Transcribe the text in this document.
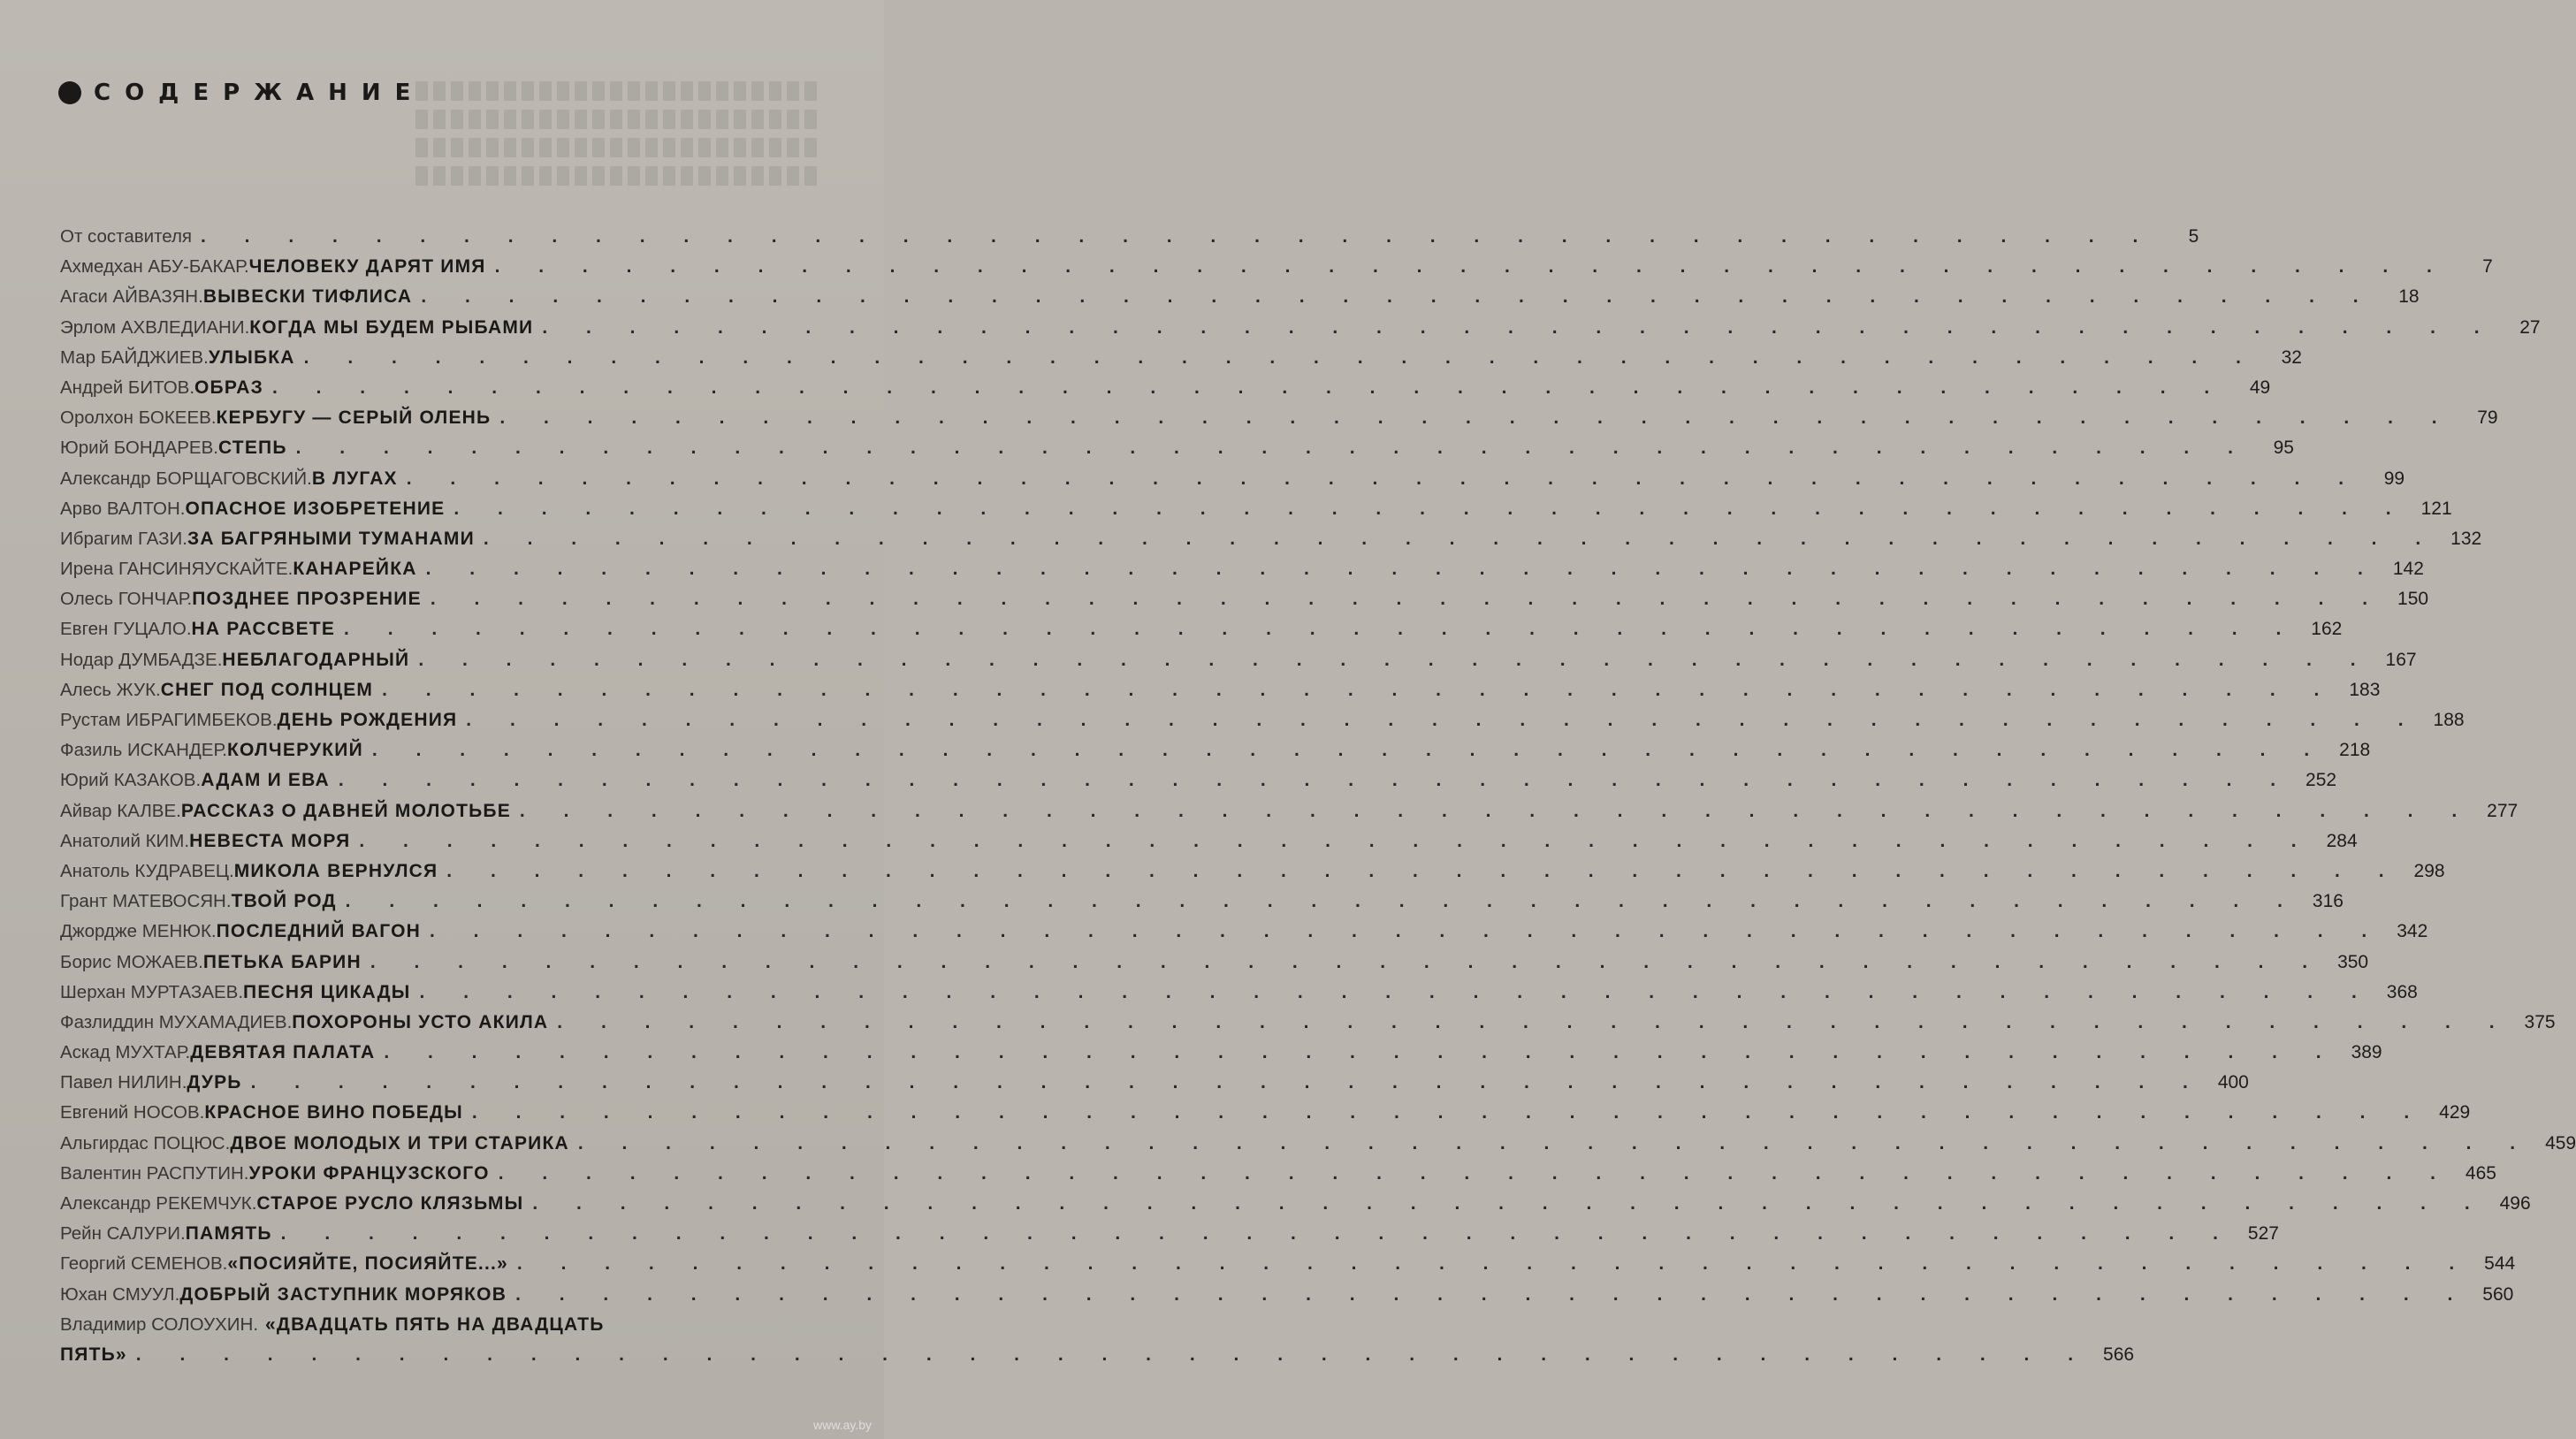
СОДЕРЖАНИЕ
От составителя . . . . . . . . . . . . . . . . . . . . . . . . . . . . . . . . . . . . . . . . . . . . .	5
Ахмедхан АБУ-БАКАР. ЧЕЛОВЕКУ ДАРЯТ ИМЯ . . . . . . . . . . . . . . . . . . . . . . . . . . . . . . . . . . . . . . . . . . . . .	7
Агаси АЙВАЗЯН. ВЫВЕСКИ ТИФЛИСА . . . . . . . . . . . . . . . . . . . . . . . . . . . . . . . . . . . . . . . . . . . . .	18
Эрлом АХВЛЕДИАНИ. КОГДА МЫ БУДЕМ РЫБАМИ . . . . . . . . . . . . . . . . . . . . . . . . . . . . . . . . . . . . . . . . . . . . .	27
Мар БАЙДЖИЕВ. УЛЫБКА . . . . . . . . . . . . . . . . . . . . . . . . . . . . . . . . . . . . . . . . . . . . .	32
Андрей БИТОВ. ОБРАЗ . . . . . . . . . . . . . . . . . . . . . . . . . . . . . . . . . . . . . . . . . . . . .	49
Оролхон БОКЕЕВ. КЕРБУГУ — СЕРЫЙ ОЛЕНЬ . . . . . . . . . . . . . . . . . . . . . . . . . . . . . . . . . . . . . . . . . . . . .	79
Юрий БОНДАРЕВ. СТЕПЬ . . . . . . . . . . . . . . . . . . . . . . . . . . . . . . . . . . . . . . . . . . . . .	95
Александр БОРЩАГОВСКИЙ. В ЛУГАХ . . . . . . . . . . . . . . . . . . . . . . . . . . . . . . . . . . . . . . . . . . . . .	99
Арво ВАЛТОН. ОПАСНОЕ ИЗОБРЕТЕНИЕ . . . . . . . . . . . . . . . . . . . . . . . . . . . . . . . . . . . . . . . . . . . . . 121
Ибрагим ГАЗИ. ЗА БАГРЯНЫМИ ТУМАНАМИ . . . . . . . . . . . . . . . . . . . . . . . . . . . . . . . . . . . . . . . . . . . . . 132
Ирена ГАНСИНЯУСКАЙТЕ. КАНАРЕЙКА . . . . . . . . . . . . . . . . . . . . . . . . . . . . . . . . . . . . . . . . . . . . . 142
Олесь ГОНЧАР. ПОЗДНЕЕ ПРОЗРЕНИЕ . . . . . . . . . . . . . . . . . . . . . . . . . . . . . . . . . . . . . . . . . . . . . 150
Евген ГУЦАЛО. НА РАССВЕТЕ . . . . . . . . . . . . . . . . . . . . . . . . . . . . . . . . . . . . . . . . . . . . . 162
Нодар ДУМБАДЗЕ. НЕБЛАГОДАРНЫЙ . . . . . . . . . . . . . . . . . . . . . . . . . . . . . . . . . . . . . . . . . . . . . 167
Алесь ЖУК. СНЕГ ПОД СОЛНЦЕМ . . . . . . . . . . . . . . . . . . . . . . . . . . . . . . . . . . . . . . . . . . . . . 183
Рустам ИБРАГИМБЕКОВ. ДЕНЬ РОЖДЕНИЯ . . . . . . . . . . . . . . . . . . . . . . . . . . . . . . . . . . . . . . . . . . . . . 188
Фазиль ИСКАНДЕР. КОЛЧЕРУКИЙ . . . . . . . . . . . . . . . . . . . . . . . . . . . . . . . . . . . . . . . . . . . . . 218
Юрий КАЗАКОВ. АДАМ И ЕВА . . . . . . . . . . . . . . . . . . . . . . . . . . . . . . . . . . . . . . . . . . . . . 252
Айвар КАЛВЕ. РАССКАЗ О ДАВНЕЙ МОЛОТЬБЕ . . . . . . . . . . . . . . . . . . . . . . . . . . . . . . . . . . . . . . . . . . . . . 277
Анатолий КИМ. НЕВЕСТА МОРЯ . . . . . . . . . . . . . . . . . . . . . . . . . . . . . . . . . . . . . . . . . . . . . 284
Анатоль КУДРАВЕЦ. МИКОЛА ВЕРНУЛСЯ . . . . . . . . . . . . . . . . . . . . . . . . . . . . . . . . . . . . . . . . . . . . . 298
Грант МАТЕВОСЯН. ТВОЙ РОД . . . . . . . . . . . . . . . . . . . . . . . . . . . . . . . . . . . . . . . . . . . . . 316
Джордже МЕНЮК. ПОСЛЕДНИЙ ВАГОН . . . . . . . . . . . . . . . . . . . . . . . . . . . . . . . . . . . . . . . . . . . . . 342
Борис МОЖАЕВ. ПЕТЬКА БАРИН . . . . . . . . . . . . . . . . . . . . . . . . . . . . . . . . . . . . . . . . . . . . . 350
Шерхан МУРТАЗАЕВ. ПЕСНЯ ЦИКАДЫ . . . . . . . . . . . . . . . . . . . . . . . . . . . . . . . . . . . . . . . . . . . . . 368
Фазлиддин МУХАМАДИЕВ. ПОХОРОНЫ УСТО АКИЛА . . . . . . . . . . . . . . . . . . . . . . . . . . . . . . . . . . . . . . . . . . . . . 375
Аскад МУХТАР. ДЕВЯТАЯ ПАЛАТА . . . . . . . . . . . . . . . . . . . . . . . . . . . . . . . . . . . . . . . . . . . . . 389
Павел НИЛИН. ДУРЬ . . . . . . . . . . . . . . . . . . . . . . . . . . . . . . . . . . . . . . . . . . . . . 400
Евгений НОСОВ. КРАСНОЕ ВИНО ПОБЕДЫ . . . . . . . . . . . . . . . . . . . . . . . . . . . . . . . . . . . . . . . . . . . . . 429
Альгирдас ПОЦЮС. ДВОЕ МОЛОДЫХ И ТРИ СТАРИКА . . . . . . . . . . . . . . . . . . . . . . . . . . . . . . . . . . . . . . . . . . . . . 459
Валентин РАСПУТИН. УРОКИ ФРАНЦУЗСКОГО . . . . . . . . . . . . . . . . . . . . . . . . . . . . . . . . . . . . . . . . . . . . . 465
Александр РЕКЕМЧУК. СТАРОЕ РУСЛО КЛЯЗЬМЫ . . . . . . . . . . . . . . . . . . . . . . . . . . . . . . . . . . . . . . . . . . . . . 496
Рейн САЛУРИ. ПАМЯТЬ . . . . . . . . . . . . . . . . . . . . . . . . . . . . . . . . . . . . . . . . . . . . . 527
Георгий СЕМЕНОВ. «ПОСИЯЙТЕ, ПОСИЯЙТЕ...» . . . . . . . . . . . . . . . . . . . . . . . . . . . . . . . . . . . . . . . . . . . . . 544
Юхан СМУУЛ. ДОБРЫЙ ЗАСТУПНИК МОРЯКОВ . . . . . . . . . . . . . . . . . . . . . . . . . . . . . . . . . . . . . . . . . . . . . 560
Владимир СОЛОУХИН. «ДВАДЦАТЬ ПЯТЬ НА ДВАДЦАТЬ
ПЯТЬ» . . . . . . . . . . . . . . . . . . . . . . . . . . . . . . . . . . . . . . . . . . . . . 566
www.ay.by
